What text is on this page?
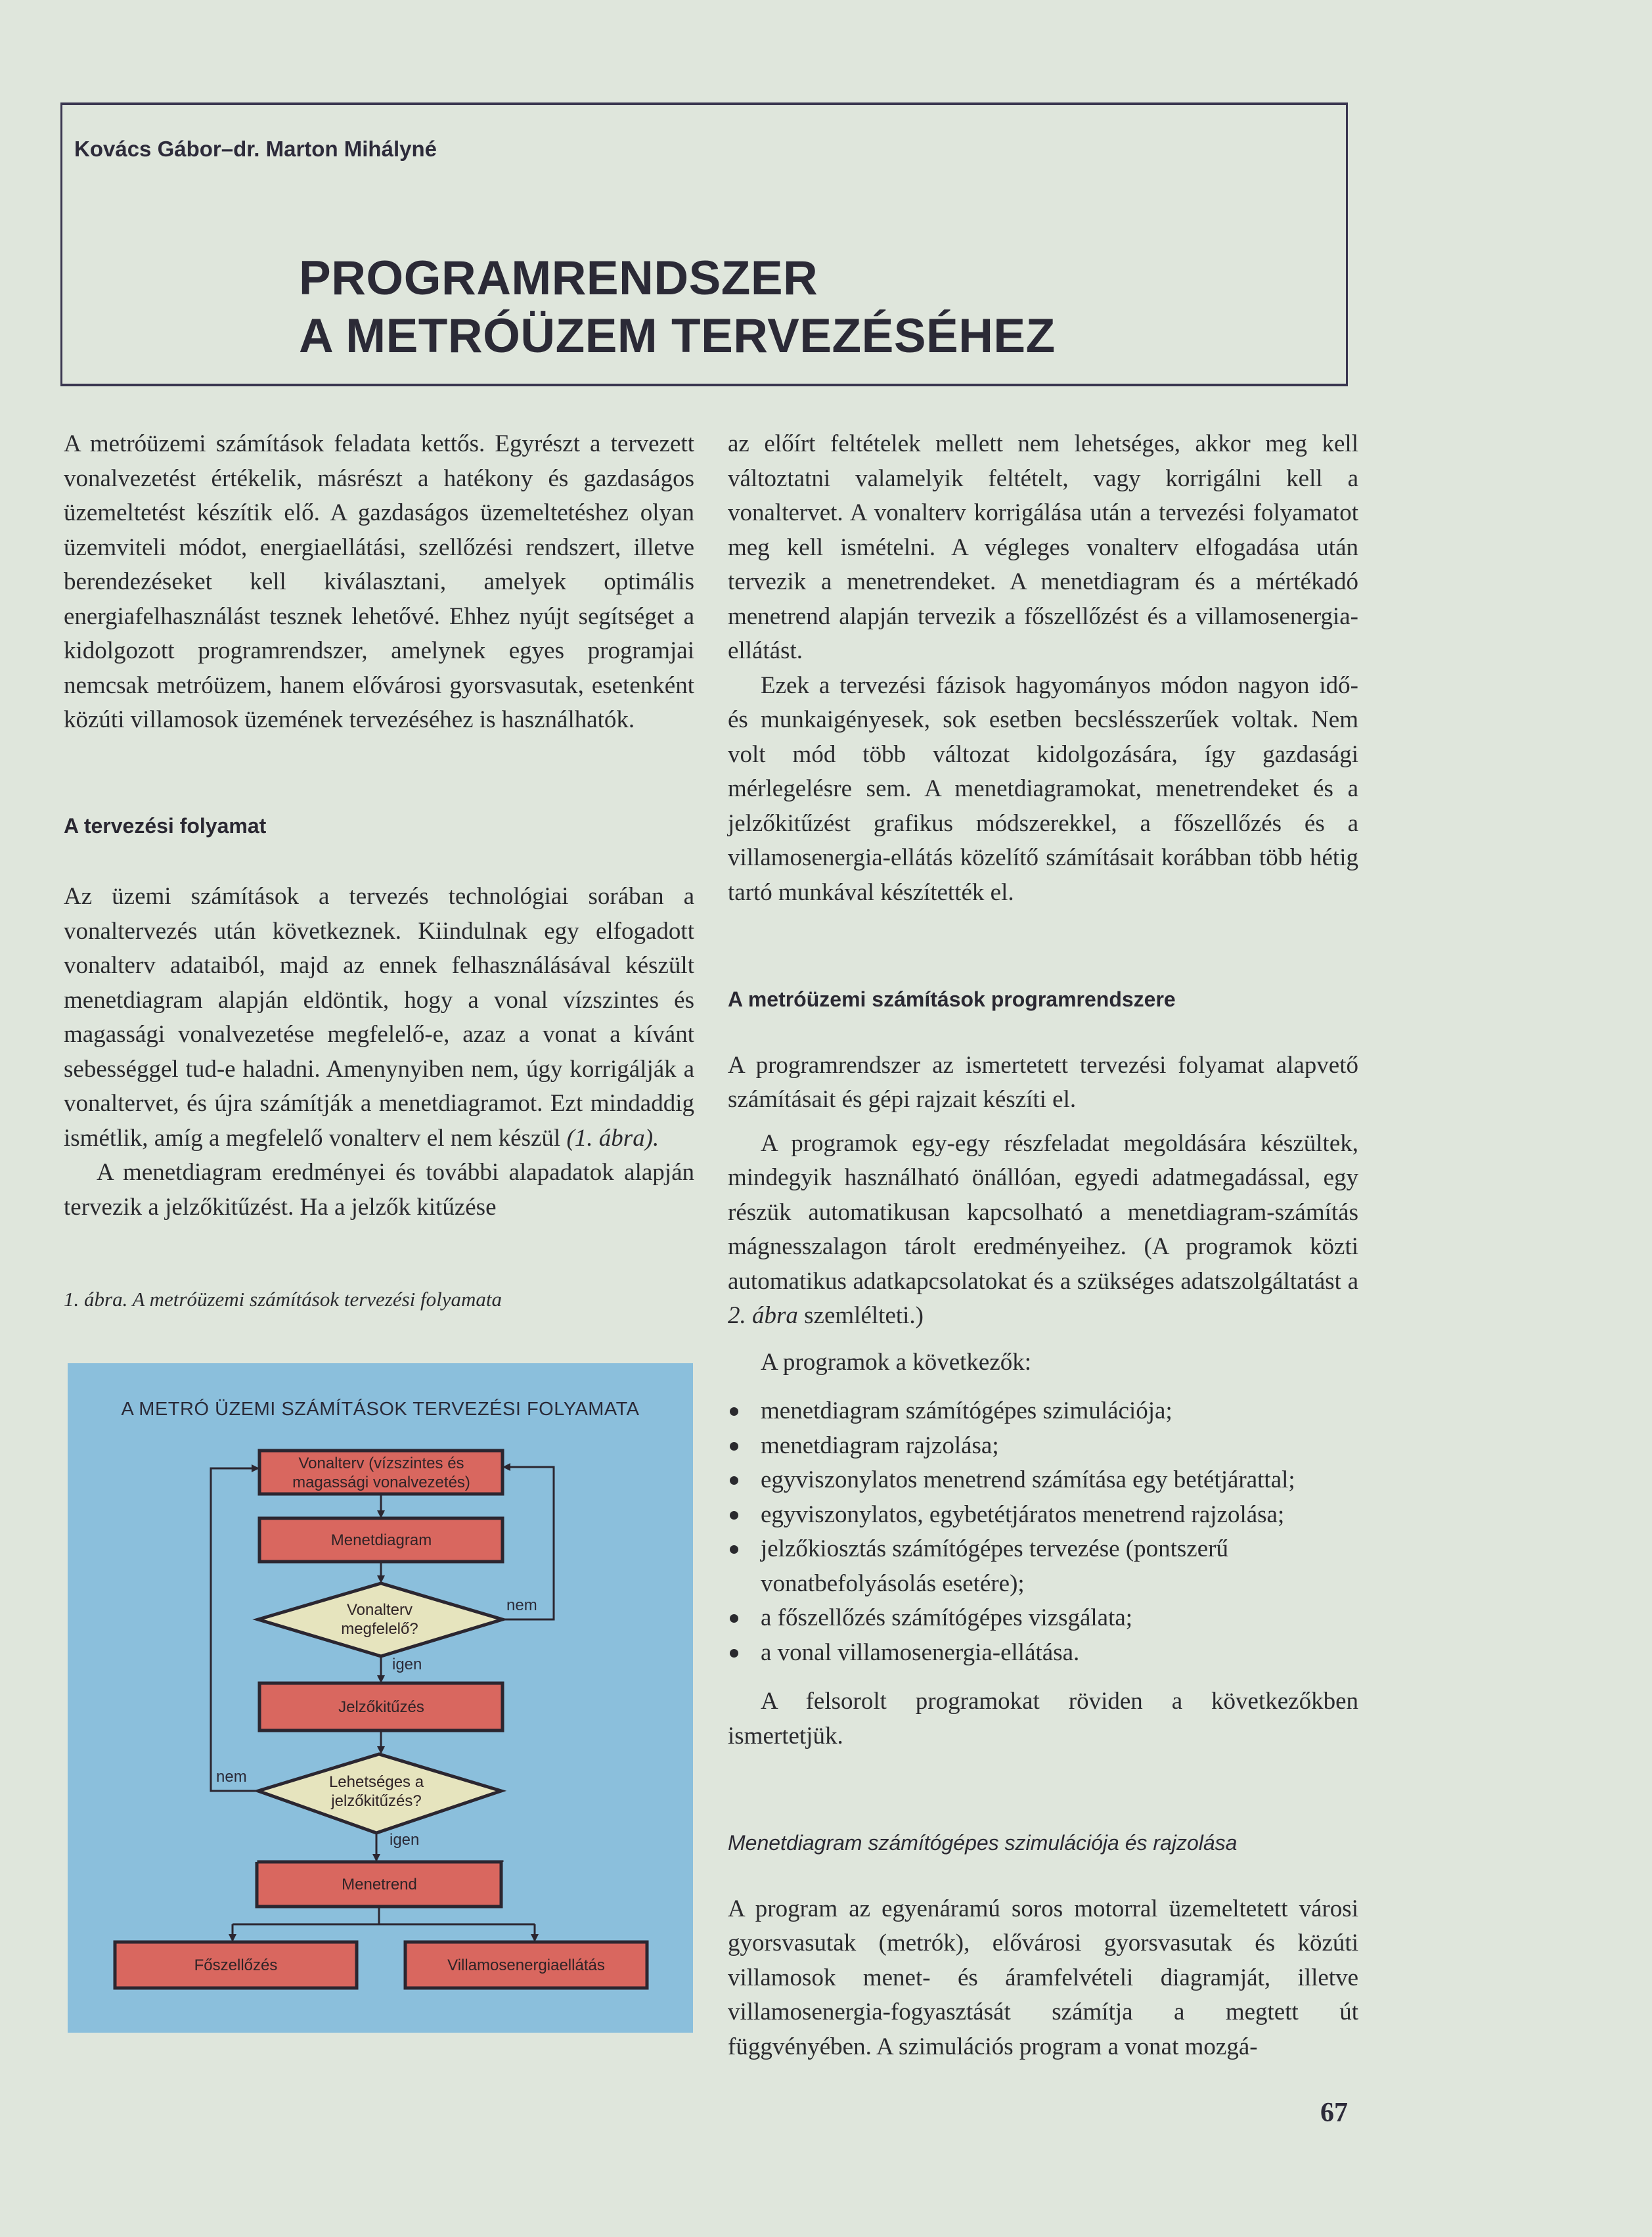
Kovács Gábor–dr. Marton Mihályné
PROGRAMRENDSZER
A METRÓÜZEM TERVEZÉSÉHEZ

A metróüzemi számítások feladata kettős. Egyrészt a tervezett vonalvezetést értékelik, másrészt a hatékony és gazdaságos üzemeltetést készítik elő. A gazdaságos üzemeltetéshez olyan üzemviteli módot, energiaellátási, szellőzési rendszert, illetve berendezéseket kell kiválasztani, amelyek optimális energiafelhasználást tesznek lehetővé. Ehhez nyújt segítséget a kidolgozott programrendszer, amelynek egyes programjai nemcsak metróüzem, hanem elővárosi gyorsvasutak, esetenként közúti villamosok üzemének tervezéséhez is használhatók.

A tervezési folyamat

Az üzemi számítások a tervezés technológiai sorában a vonaltervezés után következnek. Kiindulnak egy elfogadott vonalterv adataiból, majd az ennek felhasználásával készült menetdiagram alapján eldöntik, hogy a vonal vízszintes és magassági vonalvezetése megfelelő-e, azaz a vonat a kívánt sebességgel tud-e haladni. Amenynyiben nem, úgy korrigálják a vonaltervet, és újra számítják a menetdiagramot. Ezt mindaddig ismétlik, amíg a megfelelő vonalterv el nem készül (1. ábra).

A menetdiagram eredményei és további alapadatok alapján tervezik a jelzőkitűzést. Ha a jelzők kitűzése

1. ábra. A metróüzemi számítások tervezési folyamata
A METRÓ ÜZEMI SZÁMÍTÁSOK TERVEZÉSI FOLYAMATA
Vonalterv (vízszintes és magassági vonalvezetés)
Menetdiagram
Vonalterv megfelelő?
Jelzőkitűzés
Lehetséges a jelzőkitűzés?
nem
igen
nem
igen
Menetrend
Főszellőzés	Villamosenergiaellátás

az előírt feltételek mellett nem lehetséges, akkor meg kell változtatni valamelyik feltételt, vagy korrigálni kell a vonaltervet. A vonalterv korrigálása után a tervezési folyamatot meg kell ismételni. A végleges vonalterv elfogadása után tervezik a menetrendeket. A menetdiagram és a mértékadó menetrend alapján tervezik a főszellőzést és a villamosenergia-ellátást.

Ezek a tervezési fázisok hagyományos módon nagyon idő- és munkaigényesek, sok esetben becslésszerűek voltak. Nem volt mód több változat kidolgozására, így gazdasági mérlegelésre sem. A menetdiagramokat, menetrendeket és a jelzőkitűzést grafikus módszerekkel, a főszellőzés és a villamosenergia-ellátás közelítő számításait korábban több hétig tartó munkával készítették el.

A metróüzemi számítások programrendszere

A programrendszer az ismertetett tervezési folyamat alapvető számításait és gépi rajzait készíti el.

A programok egy-egy részfeladat megoldására készültek, mindegyik használható önállóan, egyedi adatmegadással, egy részük automatikusan kapcsolható a menetdiagram-számítás mágnesszalagon tárolt eredményeihez. (A programok közti automatikus adatkapcsolatokat és a szükséges adatszolgáltatást a 2. ábra szemlélteti.)

A programok a következők:

menetdiagram számítógépes szimulációja;
menetdiagram rajzolása;
egyviszonylatos menetrend számítása egy betétjárattal;
egyviszonylatos, egybetétjáratos menetrend rajzolása;
jelzőkiosztás számítógépes tervezése (pontszerű vonatbefolyásolás esetére);
a főszellőzés számítógépes vizsgálata;
a vonal villamosenergia-ellátása.

A felsorolt programokat röviden a következőkben ismertetjük.

Menetdiagram számítógépes szimulációja és rajzolása

A program az egyenáramú soros motorral üzemeltetett városi gyorsvasutak (metrók), elővárosi gyorsvasutak és közúti villamosok menet- és áramfelvételi diagramját, illetve villamosenergia-fogyasztását számítja a megtett út függvényében. A szimulációs program a vonat mozgá-

67
